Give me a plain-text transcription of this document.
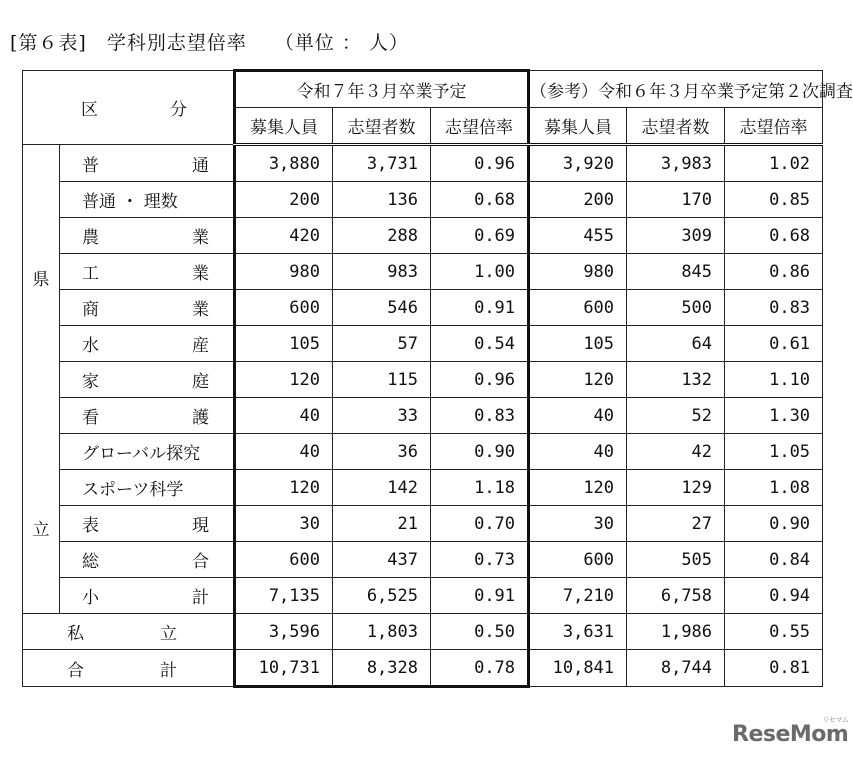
[第６表]　学科別志望倍率 （単位 ： 人）
区 分		令和７年３月卒業予定			（参考）令和６年３月卒業予定第２次調査		
		募集人員	志望者数	志望倍率	募集人員	志望者数	志望倍率

県
立	普 通	3,880	3,731	0.96	3,920	3,983	1.02
	普通 ・ 理数	200	136	0.68	200	170	0.85

	農 業	420	288	0.69	455	309	0.68

	工 業	980	983	1.00	980	845	0.86

	商 業	600	546	0.91	600	500	0.83

	水 産	105	57	0.54	105	64	0.61

	家 庭	120	115	0.96	120	132	1.10

	看 護	40	33	0.83	40	52	1.30
	グローバル探究	40	36	0.90	40	42	1.05
	スポーツ科学	120	142	1.18	120	129	1.08

	表 現	30	21	0.70	30	27	0.90

	総 合	600	437	0.73	600	505	0.84

	小 計	7,135	6,525	0.91	7,210	6,758	0.94

私 立		3,596	1,803	0.50	3,631	1,986	0.55

合 計		10,731	8,328	0.78	10,841	8,744	0.81
ReseMom
リセマム
